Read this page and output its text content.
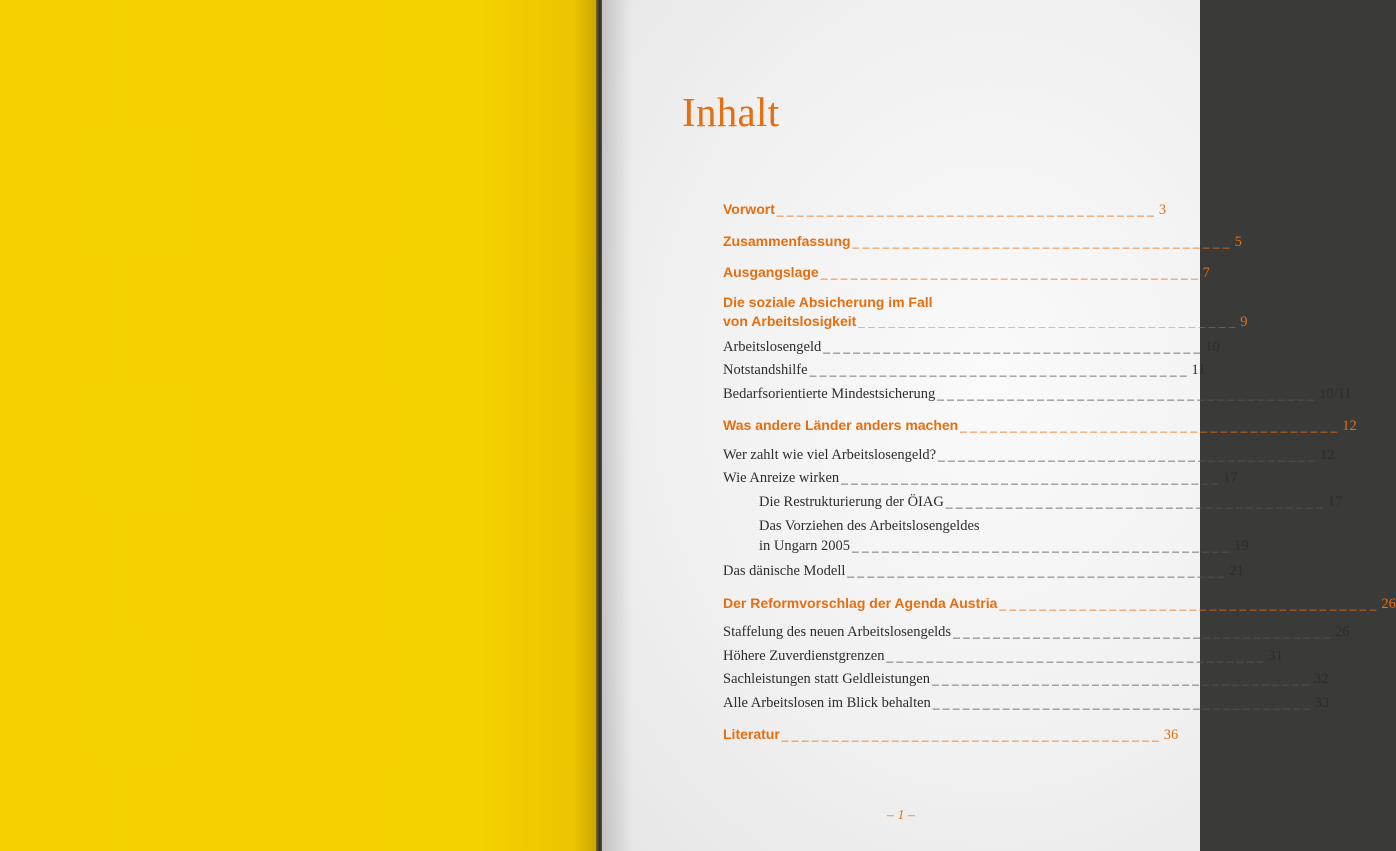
Inhalt
Vorwort _ _ _ _ _ _ _ _ _ _ _ _ _ _ _ _ _ _ _ _ _ _ _ _ _ _ _ _ _ _ _ _ _ _ _ _ _ _ 3
Zusammenfassung _ _ _ _ _ _ _ _ _ _ _ _ _ _ _ _ _ _ _ _ _ _ _ _ _ _ _ _ _ _ _ _ _ _ _ _ _ _ 5
Ausgangslage _ _ _ _ _ _ _ _ _ _ _ _ _ _ _ _ _ _ _ _ _ _ _ _ _ _ _ _ _ _ _ _ _ _ _ _ _ _ 7
Die soziale Absicherung im Fall
von Arbeitslosigkeit _ _ _ _ _ _ _ _ _ _ _ _ _ _ _ _ _ _ _ _ _ _ _ _ _ _ _ _ _ _ _ _ _ _ _ _ _ _ 9
Arbeitslosengeld _ _ _ _ _ _ _ _ _ _ _ _ _ _ _ _ _ _ _ _ _ _ _ _ _ _ _ _ _ _ _ _ _ _ _ _ _ _ 10
Notstandshilfe _ _ _ _ _ _ _ _ _ _ _ _ _ _ _ _ _ _ _ _ _ _ _ _ _ _ _ _ _ _ _ _ _ _ _ _ _ _ 11
Bedarfsorientierte Mindestsicherung _ _ _ _ _ _ _ _ _ _ _ _ _ _ _ _ _ _ _ _ _ _ _ _ _ _ _ _ _ _ _ _ _ _ _ _ _ _ 10/11
Was andere Länder anders machen _ _ _ _ _ _ _ _ _ _ _ _ _ _ _ _ _ _ _ _ _ _ _ _ _ _ _ _ _ _ _ _ _ _ _ _ _ _ 12
Wer zahlt wie viel Arbeitslosengeld? _ _ _ _ _ _ _ _ _ _ _ _ _ _ _ _ _ _ _ _ _ _ _ _ _ _ _ _ _ _ _ _ _ _ _ _ _ _ 12
Wie Anreize wirken _ _ _ _ _ _ _ _ _ _ _ _ _ _ _ _ _ _ _ _ _ _ _ _ _ _ _ _ _ _ _ _ _ _ _ _ _ _ 17
Die Restrukturierung der ÖIAG _ _ _ _ _ _ _ _ _ _ _ _ _ _ _ _ _ _ _ _ _ _ _ _ _ _ _ _ _ _ _ _ _ _ _ _ _ _ 17
Das Vorziehen des Arbeitslosengeldes
in Ungarn 2005 _ _ _ _ _ _ _ _ _ _ _ _ _ _ _ _ _ _ _ _ _ _ _ _ _ _ _ _ _ _ _ _ _ _ _ _ _ _ 19
Das dänische Modell _ _ _ _ _ _ _ _ _ _ _ _ _ _ _ _ _ _ _ _ _ _ _ _ _ _ _ _ _ _ _ _ _ _ _ _ _ _ 21
Der Reformvorschlag der Agenda Austria _ _ _ _ _ _ _ _ _ _ _ _ _ _ _ _ _ _ _ _ _ _ _ _ _ _ _ _ _ _ _ _ _ _ _ _ _ _ 26
Staffelung des neuen Arbeitslosengelds _ _ _ _ _ _ _ _ _ _ _ _ _ _ _ _ _ _ _ _ _ _ _ _ _ _ _ _ _ _ _ _ _ _ _ _ _ _ 26
Höhere Zuverdienstgrenzen _ _ _ _ _ _ _ _ _ _ _ _ _ _ _ _ _ _ _ _ _ _ _ _ _ _ _ _ _ _ _ _ _ _ _ _ _ _ 31
Sachleistungen statt Geldleistungen _ _ _ _ _ _ _ _ _ _ _ _ _ _ _ _ _ _ _ _ _ _ _ _ _ _ _ _ _ _ _ _ _ _ _ _ _ _ 32
Alle Arbeitslosen im Blick behalten _ _ _ _ _ _ _ _ _ _ _ _ _ _ _ _ _ _ _ _ _ _ _ _ _ _ _ _ _ _ _ _ _ _ _ _ _ _ 33
Literatur _ _ _ _ _ _ _ _ _ _ _ _ _ _ _ _ _ _ _ _ _ _ _ _ _ _ _ _ _ _ _ _ _ _ _ _ _ _ 36
– 1 –
